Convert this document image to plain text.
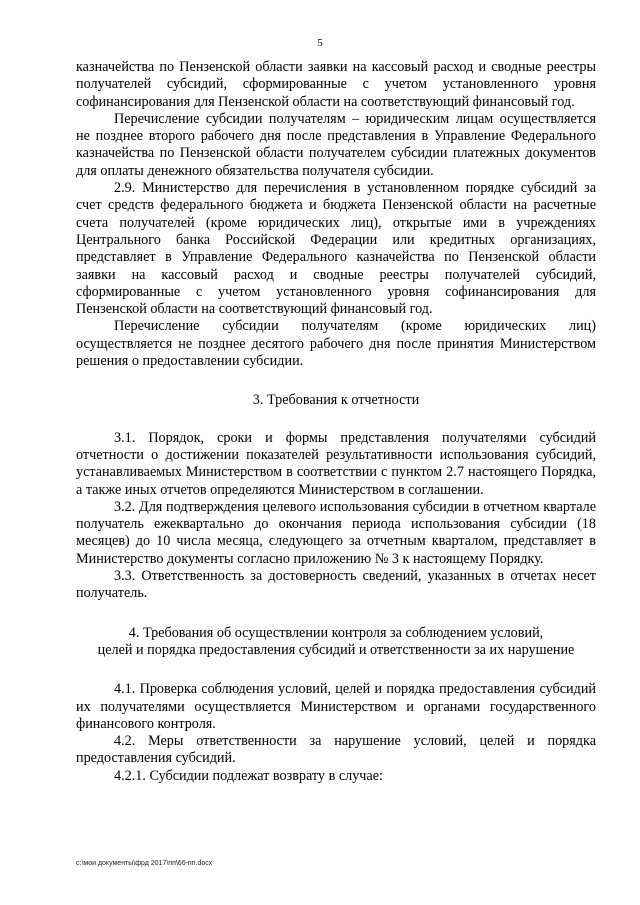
5

казначейства по Пензенской области заявки на кассовый расход и сводные реестры получателей субсидий, сформированные с учетом установленного уровня софинансирования для Пензенской области на соответствующий финансовый год.

Перечисление субсидии получателям – юридическим лицам осуществляется не позднее второго рабочего дня после представления в Управление Федерального казначейства по Пензенской области получателем субсидии платежных документов для оплаты денежного обязательства получателя субсидии.

2.9. Министерство для перечисления в установленном порядке субсидий за счет средств федерального бюджета и бюджета Пензенской области на расчетные счета получателей (кроме юридических лиц), открытые ими в учреждениях Центрального банка Российской Федерации или кредитных организациях, представляет в Управление Федерального казначейства по Пензенской области заявки на кассовый расход и сводные реестры получателей субсидий, сформированные с учетом установленного уровня софинансирования для Пензенской области на соответствующий финансовый год.

Перечисление субсидии получателям (кроме юридических лиц) осуществляется не позднее десятого рабочего дня после принятия Министерством решения о предоставлении субсидии.

3. Требования к отчетности

3.1. Порядок, сроки и формы представления получателями субсидий отчетности о достижении показателей результативности использования субсидий, устанавливаемых Министерством в соответствии с пунктом 2.7 настоящего Порядка, а также иных отчетов определяются Министерством в соглашении.

3.2. Для подтверждения целевого использования субсидии в отчетном квартале получатель ежеквартально до окончания периода использования субсидии (18 месяцев) до 10 числа месяца, следующего за отчетным кварталом, представляет в Министерство документы согласно приложению № 3 к настоящему Порядку.

3.3. Ответственность за достоверность сведений, указанных в отчетах несет получатель.

4. Требования об осуществлении контроля за соблюдением условий,

целей и порядка предоставления субсидий и ответственности за их нарушение

4.1. Проверка соблюдения условий, целей и порядка предоставления субсидий их получателями осуществляется Министерством и органами государственного финансового контроля.

4.2. Меры ответственности за нарушение условий, целей и порядка предоставления субсидий.

4.2.1. Субсидии подлежат возврату в случае:

с:\мои документы\фрд 2017\пп\66-пп.docx
